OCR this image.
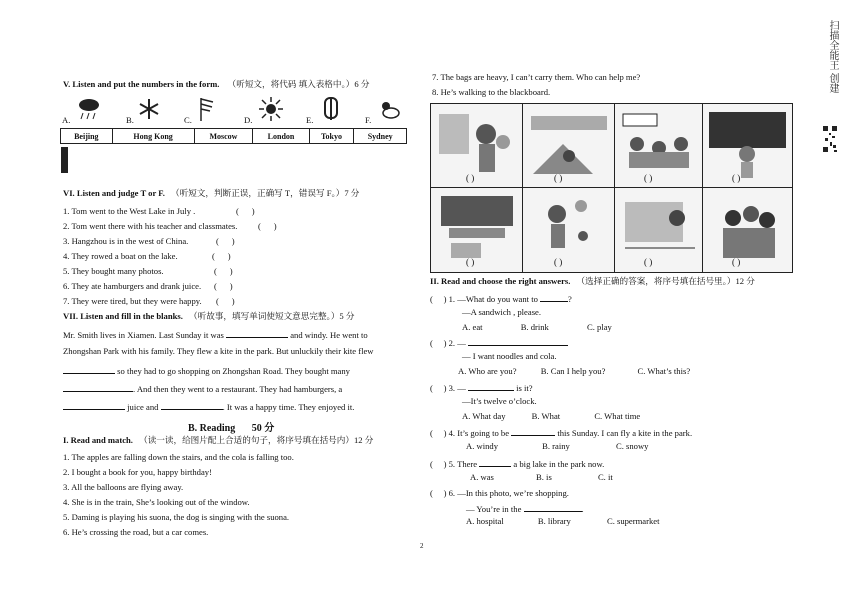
V. Listen and put the numbers in the form. （听短文，将代码 填入表格中。）6 分
A.	B.	C.	D.	E.	F.
Beijing	Hong Kong	Moscow	London	Tokyo	Sydney

VI. Listen and judge T or F. （听短文，判断正误，正确写 T，错误写 F。）7 分
1. Tom went to the West Lake in July .	(      )
2. Tom went there with his teacher and classmates. (      )
3. Hangzhou is in the west of China.	(      )
4. They rowed a boat on the lake.	(      )
5. They bought many photos.	(      )
6. They ate hamburgers and drank juice. (      )
7. They were tired, but they were happy. (      )
VII. Listen and fill in the blanks. （听故事，填写单词使短文意思完整。）5 分
Mr. Smith lives in Xiamen. Last Sunday it was	and windy. He went to
Zhongshan Park with his family. They flew a kite in the park. But unluckily their kite flew
so they had to go shopping on Zhongshan Road. They bought many
. And then they went to a restaurant. They had hamburgers, a
juice and	. It was a happy time. They enjoyed it.
B. Reading 50 分
I. Read and match. （读一读，给图片配上合适的句子，将序号填在括号内）12 分
1. The apples are falling down the stairs, and the cola is falling too.
2. I bought a book for you, happy birthday!
3. All the balloons are flying away.
4. She is in the train, She’s looking out of the window.
5. Daming is playing his suona, the dog is singing with the suona.
6. He’s crossing the road, but a car comes.
7. The bags are heavy, I can’t carry them. Who can help me?
8. He’s walking to the blackboard.
( )	( )	( )	( )
( )	( )	( )	( )
II. Read and choose the right answers. （选择正确的答案，将序号填在括号里。）12 分
(     ) 1. —What do you want to	?
—A sandwich , please.
A. eat	B. drink	C. play
(     ) 2. —
— I want noodles and cola.
A. Who are you?	B. Can I help you?	C. What’s this?
(     ) 3. —	is it?
—It’s twelve o’clock.
A. What day	B. What	C. What time
(     ) 4. It’s going to be	this Sunday. I can fly a kite in the park.
A. windy	B. rainy	C. snowy
(     ) 5. There	a big lake in the park now.
A. was	B. is	C. it
(     ) 6. —In this photo, we’re shopping.
— You’re in the	.
A. hospital	B. library	C. supermarket
2
扫描全能王 创建
